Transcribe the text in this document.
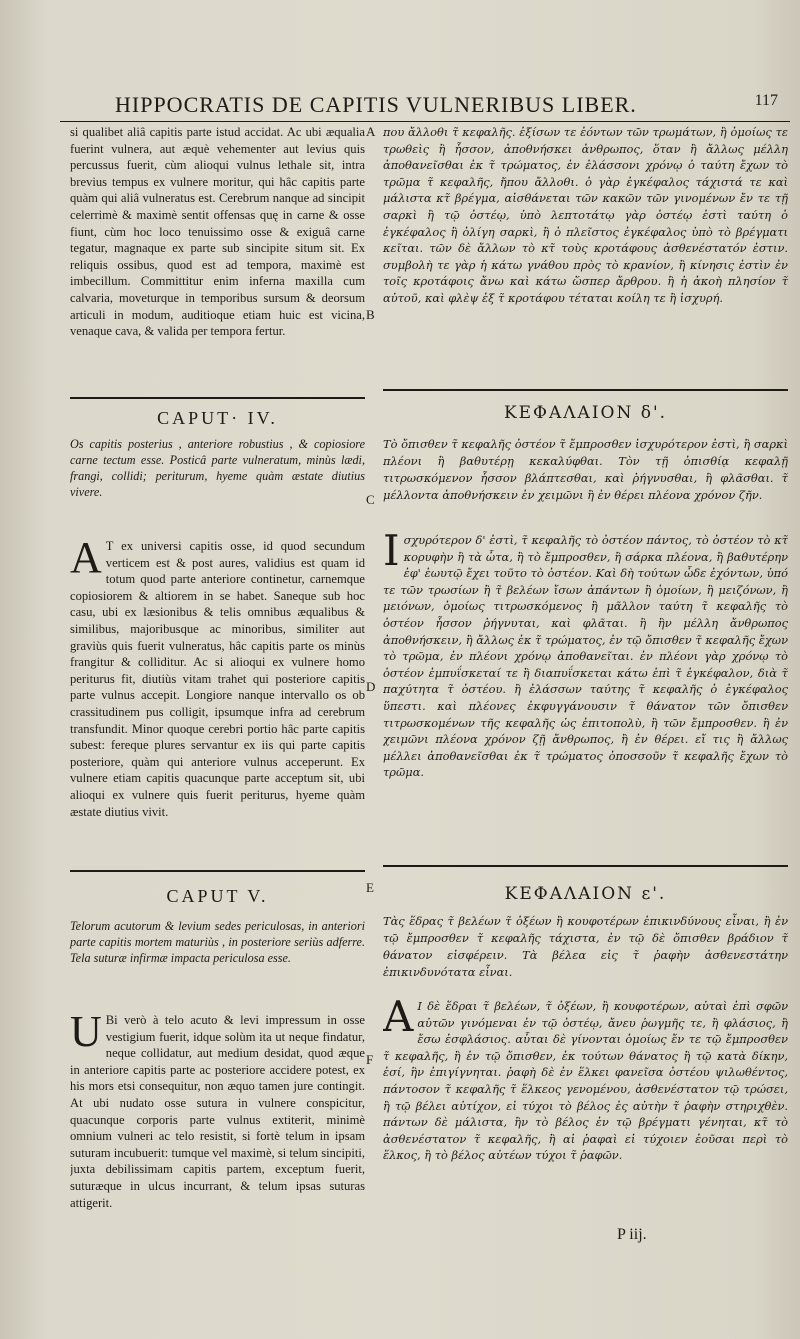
HIPPOCRATIS DE CAPITIS VULNERIBUS LIBER.	117

si qualibet aliâ capitis parte istud accidat. Ac ubi æqualia fuerint vulnera, aut æquè vehementer aut levius quis percussus fuerit, cùm alioqui vulnus lethale sit, intra brevius tempus ex vulnere moritur, qui hâc capitis parte quàm qui aliâ vulneratus est. Cerebrum nanque ad sincipit celerrimè & maximè sentit offensas quę in carne & osse fiunt, cùm hoc loco tenuissimo osse & exiguâ carne tegatur, magnaque ex parte sub sincipite situm sit. Ex reliquis ossibus, quod est ad tempora, maximè est imbecillum. Committitur enim inferna maxilla cum calvaria, moveturque in temporibus sursum & deorsum articuli in modum, auditioque etiam huic est vicina, venaque cava, & valida per tempora fertur.

που ἄλλοθι τ̃ κεφαλῆς. ἐξίσων τε ἐόντων τῶν τρωμάτων, ἢ ὁμοίως τε τρωθεὶς ἢ ἧσσον, ἀποθνήσκει ἀνθρωπος, ὅταν ἢ ἄλλως μέλλη ἀποθανεῖσθαι ἐκ τ̃ τρώματος, ἐν ἐλάσσονι χρόνῳ ὁ ταύτη ἔχων τὸ τρῶμα τ̃ κεφαλῆς, ἤπου ἄλλοθι. ὁ γὰρ ἐγκέφαλος τάχιστά τε καὶ μάλιστα κτ̃ βρέγμα, αἰσθάνεται τῶν κακῶν τῶν γινομένων ἔν τε τῇ σαρκὶ ἢ τῷ ὀστέῳ, ὑπὸ λεπτοτάτῳ γὰρ ὀστέῳ ἐστὶ ταύτη ὁ ἐγκέφαλος ἢ ὀλίγη σαρκὶ, ἢ ὁ πλεῖστος ἐγκέφαλος ὑπὸ τὸ βρέγματι κεῖται. τῶν δὲ ἄλλων τὸ κτ̃ τοὺς κροτάφους ἀσθενέστατόν ἐστιν. συμβολὴ τε γὰρ ἡ κάτω γνάθου πρὸς τὸ κρανίον, ἢ κίνησις ἐστὶν ἐν τοῖς κροτάφοις ἄνω καὶ κάτω ὥσπερ ἄρθρου. ἢ ἡ ἀκοὴ πλησίον τ̃ αὐτοῦ, καὶ φλὲψ ἐξ τ̃ κροτάφου τέταται κοίλη τε ἢ ἰσχυρή.

A
B
CAPUT· IV.

Os capitis posterius , anteriore robustius , & copiosiore carne tectum esse. Posticâ parte vulneratum, minùs lædi, frangi, collidi; periturum, hyeme quàm æstate diutius vivere.

A T ex universi capitis osse, id quod secundum verticem est & post aures, validius est quam id totum quod parte anteriore continetur, carnemque copiosiorem & altiorem in se habet. Saneque sub hoc casu, ubi ex læsionibus & telis omnibus æqualibus & similibus, majoribusque ac minoribus, similiter aut graviùs quis fuerit vulneratus, hâc capitis parte os minùs frangitur & colliditur. Ac si alioqui ex vulnere homo periturus fit, diutiùs vitam trahet qui posteriore capitis parte vulnus accepit. Longiore nanque intervallo os ob crassitudinem pus colligit, ipsumque infra ad cerebrum transfundit. Minor quoque cerebri portio hâc parte capitis subest: fereque plures servantur ex iis qui parte capitis posteriore, quàm qui anteriore vulnus acceperunt. Ex vulnere etiam capitis quacunque parte acceptum sit, ubi alioqui ex vulnere quis fuerit periturus, hyeme quàm æstate diutius vivit.

ΚΕΦΑΛΑΙΟΝ δ'.

Τὸ ὄπισθεν τ̃ κεφαλῆς ὀστέον τ̃ ἔμπροσθεν ἰσχυρότερον ἐστὶ, ἢ σαρκὶ πλέονι ἢ βαθυτέρῃ κεκαλύφθαι. Τὸν τῇ ὀπισθίᾳ κεφαλῇ τιτρωσκόμενον ἧσσον βλάπτεσθαι, καὶ ῥήγνυσθαι, ἢ φλᾶσθαι. τ̃ μέλλοντα ἀποθνήσκειν ἐν χειμῶνι ἢ ἐν θέρει πλέονα χρόνον ζῆν.

Ι σχυρότερον δ' ἐστὶ, τ̃ κεφαλῆς τὸ ὀστέον πάντος, τὸ ὀστέον τὸ κτ̃ κορυφὴν ἢ τὰ ὦτα, ἢ τὸ ἔμπροσθεν, ἢ σάρκα πλέονα, ἢ βαθυτέρην ἐφ' ἑωυτῷ ἔχει τοῦτο τὸ ὀστέον. Καὶ δὴ τούτων ὧδε ἐχόντων, ὑπό τε τῶν τρωσίων ἢ τ̃ βελέων ἴσων ἁπάντων ἢ ὁμοίων, ἢ μειζόνων, ἢ μειόνων, ὁμοίως τιτρωσκόμενος ἢ μᾶλλον ταύτη τ̃ κεφαλῆς τὸ ὀστέον ἧσσον ῥήγνυται, καὶ φλᾶται. ἢ ἣν μέλλη ἄνθρωπος ἀποθνήσκειν, ἢ ἄλλως ἐκ τ̃ τρώματος, ἐν τῷ ὄπισθεν τ̃ κεφαλῆς ἔχων τὸ τρῶμα, ἐν πλέονι χρόνῳ ἀποθανεῖται. ἐν πλέονι γὰρ χρόνῳ τὸ ὀστέον ἐμπυΐσκεταί τε ἢ διαπυΐσκεται κάτω ἐπὶ τ̃ ἐγκέφαλον, διὰ τ̃ παχύτητα τ̃ ὀστέου. ἢ ἐλάσσων ταύτης τ̃ κεφαλῆς ὁ ἐγκέφαλος ὕπεστι. καὶ πλέονες ἐκφυγγάνουσιν τ̃ θάνατον τῶν ὄπισθεν τιτρωσκομένων τῆς κεφαλῆς ὡς ἐπιτοπολὺ, ἢ τῶν ἔμπροσθεν. ἢ ἐν χειμῶνι πλέονα χρόνον ζῇ ἄνθρωπος, ἢ ἐν θέρει. εἴ τις ἢ ἄλλως μέλλει ἀποθανεῖσθαι ἐκ τ̃ τρώματος ὁποσσοῦν τ̃ κεφαλῆς ἔχων τὸ τρῶμα.

C
D
E
CAPUT V.

Telorum acutorum & levium sedes periculosas, in anteriori parte capitis mortem maturiùs , in posteriore seriùs adferre. Tela suturæ infirmæ impacta periculosa esse.

U Bi verò à telo acuto & levi impressum in osse vestigium fuerit, idque solùm ita ut neque findatur, neque collidatur, aut medium desidat, quod æque in anteriore capitis parte ac posteriore accidere potest, ex his mors etsi consequitur, non æquo tamen jure contingit. At ubi nudato osse sutura in vulnere conspicitur, quacunque corporis parte vulnus extiterit, minimè omnium vulneri ac telo resistit, si fortè telum in ipsam suturam incubuerit: tumque vel maximè, si telum sincipiti, juxta debilissimam capitis partem, exceptum fuerit, suturæque in ulcus incurrant, & telum ipsas suturas attigerit.

ΚΕΦΑΛΑΙΟΝ ε'.

Τὰς ἕδρας τ̃ βελέων τ̃ ὀξέων ἢ κουφοτέρων ἐπικινδύνους εἶναι, ἢ ἐν τῷ ἔμπροσθεν τ̃ κεφαλῆς τάχιστα, ἐν τῷ δὲ ὄπισθεν βράδιον τ̃ θάνατον εἰσφέρειν. Τὰ βέλεα εἰς τ̃ ῥαφὴν ἀσθενεστάτην ἐπικινδυνότατα εἶναι.

Α Ι δὲ ἕδραι τ̃ βελέων, τ̃ ὀξέων, ἢ κουφοτέρων, αὐταὶ ἐπὶ σφῶν αὐτῶν γινόμεναι ἐν τῷ ὀστέῳ, ἄνευ ῥωγμῆς τε, ἢ φλάσιος, ἢ ἔσω ἐσφλάσιος. αὗται δὲ γίνονται ὁμοίως ἔν τε τῷ ἔμπροσθεν τ̃ κεφαλῆς, ἢ ἐν τῷ ὄπισθεν, ἐκ τούτων θάνατος ἢ τῷ κατὰ δίκην, ἐσί, ἣν ἐπιγίγνηται. ῥαφὴ δὲ ἐν ἕλκει φανεῖσα ὀστέου ψιλωθέντος, πάντοσον τ̃ κεφαλῆς τ̃ ἕλκεος γενομένου, ἀσθενέστατον τῷ τρώσει, ἢ τῷ βέλει αὐτίχον, εἰ τύχοι τὸ βέλος ἐς αὐτὴν τ̃ ῥαφὴν στηριχθὲν. πάντων δὲ μάλιστα, ἢν τὸ βέλος ἐν τῷ βρέγματι γένηται, κτ̃ τὸ ἀσθενέστατον τ̃ κεφαλῆς, ἢ αἱ ῥαφαὶ εἰ τύχοιεν ἐοῦσαι περὶ τὸ ἕλκος, ἢ τὸ βέλος αὐτέων τύχοι τ̃ ῥαφῶν.

F
P iij.
